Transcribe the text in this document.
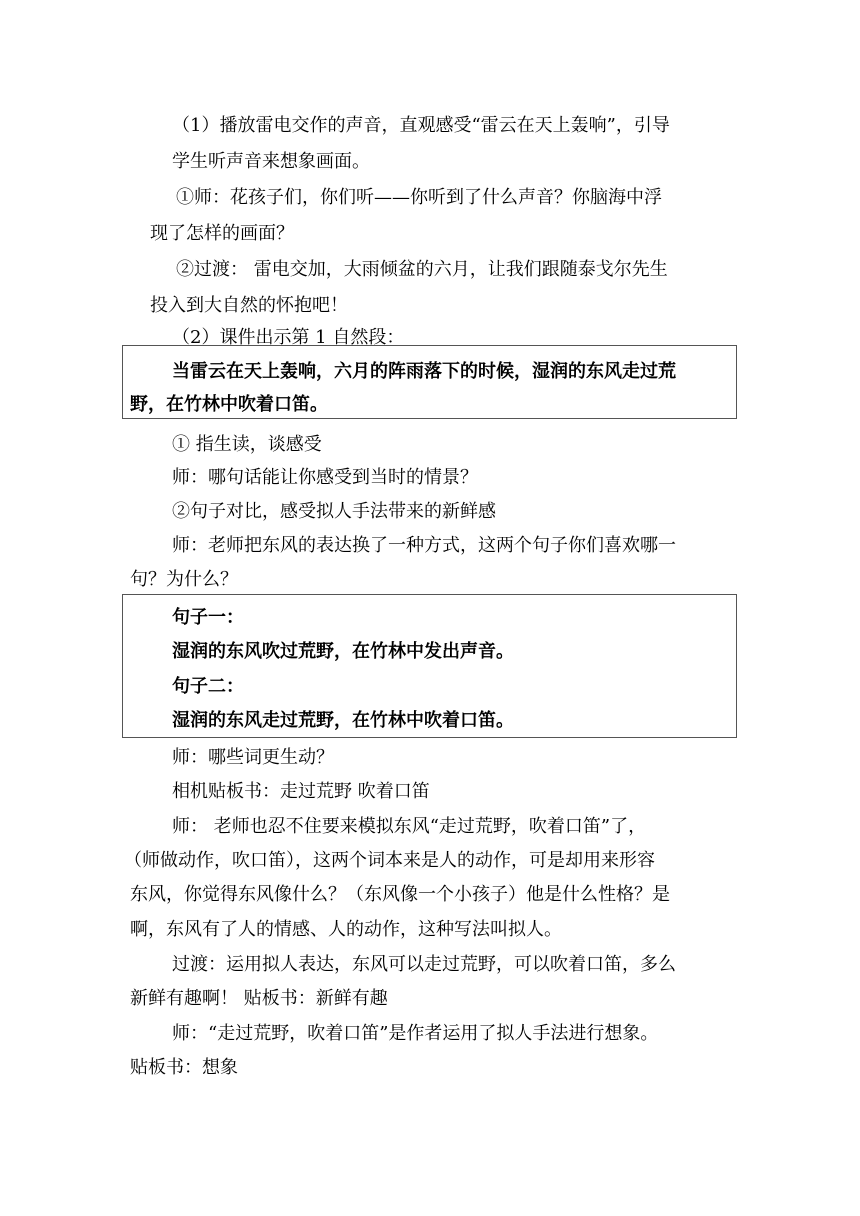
（1）播放雷电交作的声音，直观感受“雷云在天上轰响”，引导
学生听声音来想象画面。
①师：花孩子们，你们听——你听到了什么声音？你脑海中浮
现了怎样的画面？
②过渡： 雷电交加，大雨倾盆的六月，让我们跟随泰戈尔先生
投入到大自然的怀抱吧！
（2）课件出示第 1 自然段：
当雷云在天上轰响，六月的阵雨落下的时候，湿润的东风走过荒
野，在竹林中吹着口笛。
① 指生读，谈感受
师：哪句话能让你感受到当时的情景？
②句子对比，感受拟人手法带来的新鲜感
师：老师把东风的表达换了一种方式，这两个句子你们喜欢哪一
句？为什么？
句子一：
湿润的东风吹过荒野，在竹林中发出声音。
句子二：
湿润的东风走过荒野，在竹林中吹着口笛。
师：哪些词更生动？
相机贴板书：走过荒野 吹着口笛
师： 老师也忍不住要来模拟东风“走过荒野，吹着口笛”了，
（师做动作，吹口笛），这两个词本来是人的动作，可是却用来形容
东风，你觉得东风像什么？（东风像一个小孩子）他是什么性格？是
啊，东风有了人的情感、人的动作，这种写法叫拟人。
过渡：运用拟人表达，东风可以走过荒野，可以吹着口笛，多么
新鲜有趣啊！ 贴板书：新鲜有趣
师：“走过荒野，吹着口笛”是作者运用了拟人手法进行想象。
贴板书：想象
